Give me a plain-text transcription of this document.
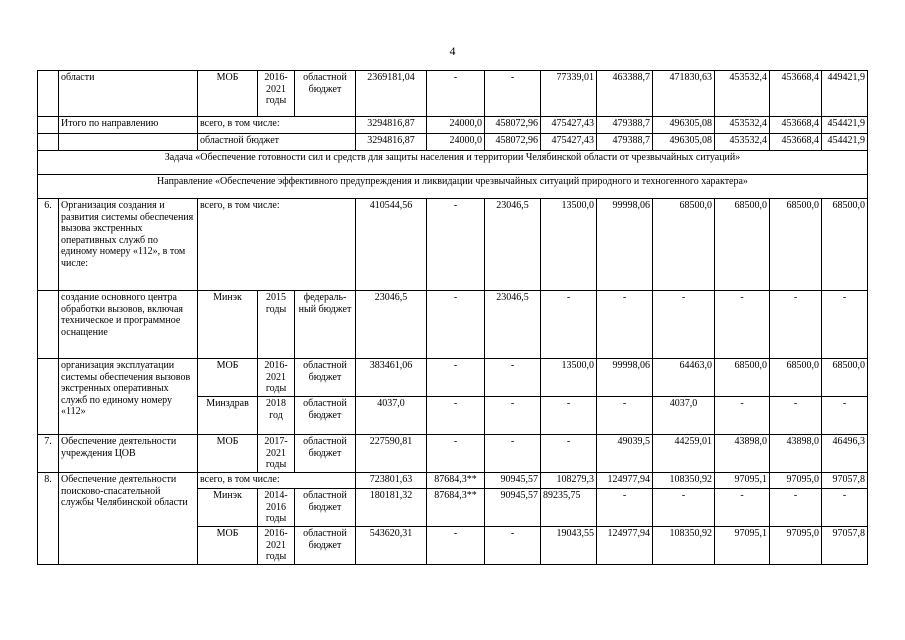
4
	области	МОБ	2016-2021 годы	областной бюджет	2369181,04	-	-	77339,01	463388,7	471830,63	453532,4	453668,4	449421,9
	Итого по направлению	всего, в том числе:			3294816,87	24000,0	458072,96	475427,43	479388,7	496305,08	453532,4	453668,4	454421,9
		областной бюджет			3294816,87	24000,0	458072,96	475427,43	479388,7	496305,08	453532,4	453668,4	454421,9
Задача «Обеспечение готовности сил и средств для защиты населения и территории Челябинской области от чрезвычайных ситуаций»													
Направление «Обеспечение эффективного предупреждения и ликвидации чрезвычайных ситуаций природного и техногенного характера»													
6.	Организация создания и развития системы обеспечения вызова экстренных оперативных служб по единому номеру «112», в том числе:	всего, в том числе:			410544,56	-	23046,5	13500,0	99998,06	68500,0	68500,0	68500,0	68500,0
	создание основного центра обработки вызовов, включая техническое и программное оснащение	Минэк	2015 годы	федераль-ный бюджет	23046,5	-	23046,5	-	-	-	-	-	-
	организация эксплуатации системы обеспечения вызовов экстренных оперативных служб по единому номеру «112»	МОБ	2016-2021 годы	областной бюджет	383461,06	-	-	13500,0	99998,06	64463,0	68500,0	68500,0	68500,0
		Минздрав	2018 год	областной бюджет	4037,0	-	-	-	-	4037,0	-	-	-
7.	Обеспечение деятельности учреждения ЦОВ	МОБ	2017-2021 годы	областной бюджет	227590,81	-	-	-	49039,5	44259,01	43898,0	43898,0	46496,3
8.	Обеспечение деятельности поисково-спасательной службы Челябинской области	всего, в том числе:			723801,63	87684,3**	90945,57	108279,3	124977,94	108350,92	97095,1	97095,0	97057,8
		Минэк	2014-2016 годы	областной бюджет	180181,32	87684,3**	90945,57	89235,75	-	-	-	-	-
		МОБ	2016-2021 годы	областной бюджет	543620,31	-	-	19043,55	124977,94	108350,92	97095,1	97095,0	97057,8
